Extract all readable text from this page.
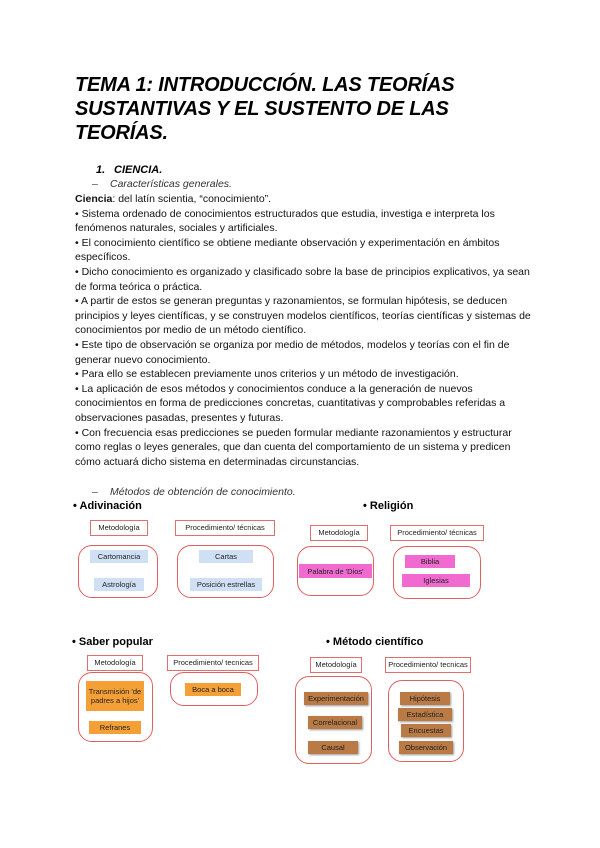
TEMA 1: INTRODUCCIÓN. LAS TEORÍAS SUSTANTIVAS Y EL SUSTENTO DE LAS TEORÍAS.
1. CIENCIA.
– Características generales.

Ciencia: del latín scientia, “conocimiento”.

• Sistema ordenado de conocimientos estructurados que estudia, investiga e interpreta los fenómenos naturales, sociales y artificiales.

• El conocimiento científico se obtiene mediante observación y experimentación en ámbitos específicos.

• Dicho conocimiento es organizado y clasificado sobre la base de principios explicativos, ya sean de forma teórica o práctica.

• A partir de estos se generan preguntas y razonamientos, se formulan hipótesis, se deducen principios y leyes científicas, y se construyen modelos científicos, teorías científicas y sistemas de conocimientos por medio de un método científico.

• Este tipo de observación se organiza por medio de métodos, modelos y teorías con el fin de generar nuevo conocimiento.

• Para ello se establecen previamente unos criterios y un método de investigación.

• La aplicación de esos métodos y conocimientos conduce a la generación de nuevos conocimientos en forma de predicciones concretas, cuantitativas y comprobables referidas a observaciones pasadas, presentes y futuras.

• Con frecuencia esas predicciones se pueden formular mediante razonamientos y estructurar como reglas o leyes generales, que dan cuenta del comportamiento de un sistema y predicen cómo actuará dicho sistema en determinadas circunstancias.

– Métodos de obtención de conocimiento.
• Adivinación
Metodología	Procedimiento/ técnicas
Cartomancia
Astrología
Cartas
Posición estrellas
• Religión
Metodología	Procedimiento/ técnicas
Palabra de 'Dios'
Biblia
Iglesias
• Saber popular
Metodología	Procedimiento/ tecnicas
Transmisión 'de padres a hijos'
Refranes
Boca a boca
• Método científico
Metodología	Procedimiento/ tecnicas
Experimentación
Correlacional
Causal
Hipótesis
Estadística
Encuestas
Observación
